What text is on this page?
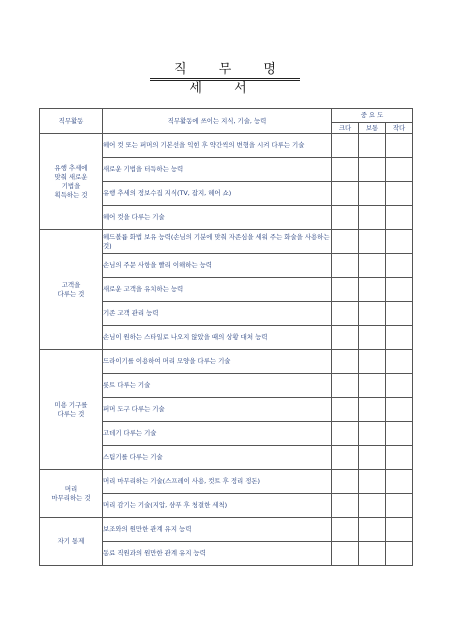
직 무 명 세 서
직무활동	직무활동에 쓰이는 지식, 기술, 능력	중 요 도		
		크다	보통	작다

유행 추세에
맞춰 새로운
기법을
획득하는 것	헤어 컷 또는 퍼머의 기본선을 익힌 후 약간씩의 변형을 시켜 다루는 기술			
	새로운 기법을 터득하는 능력			
	유행 추세의 정보수집 지식(TV, 잡지, 헤어 쇼)			
	헤어 컷을 다루는 기술			

고객을
다루는 것	헤드볼륨 화법 보유 능력(손님의 기분에 맞춰 자존심을 세워 주는 화술을 사용하는 것)			
	손님의 주문 사항을 빨리 이해하는 능력			
	새로운 고객을 유치하는 능력			
	기존 고객 관리 능력			
	손님이 원하는 스타일로 나오지 않았을 때의 상황 대처 능력			

미용 기구를
다루는 것	드라이기를 이용하여 머리 모양을 다루는 기술			
	롯트 다루는 기술			
	퍼머 도구 다루는 기술			
	고데기 다루는 기술			
	스팀기를 다루는 기술			

머리
마무리하는 것	머리 마무리하는 기술(스프레이 사용, 컷트 후 정리 정돈)			
	머리 감기는 기술(지압, 샴푸 후 청결한 세척)			

자기 통제	보조와의 원만한 관계 유지 능력			
	동료 직원과의 원만한 관계 유지 능력			
